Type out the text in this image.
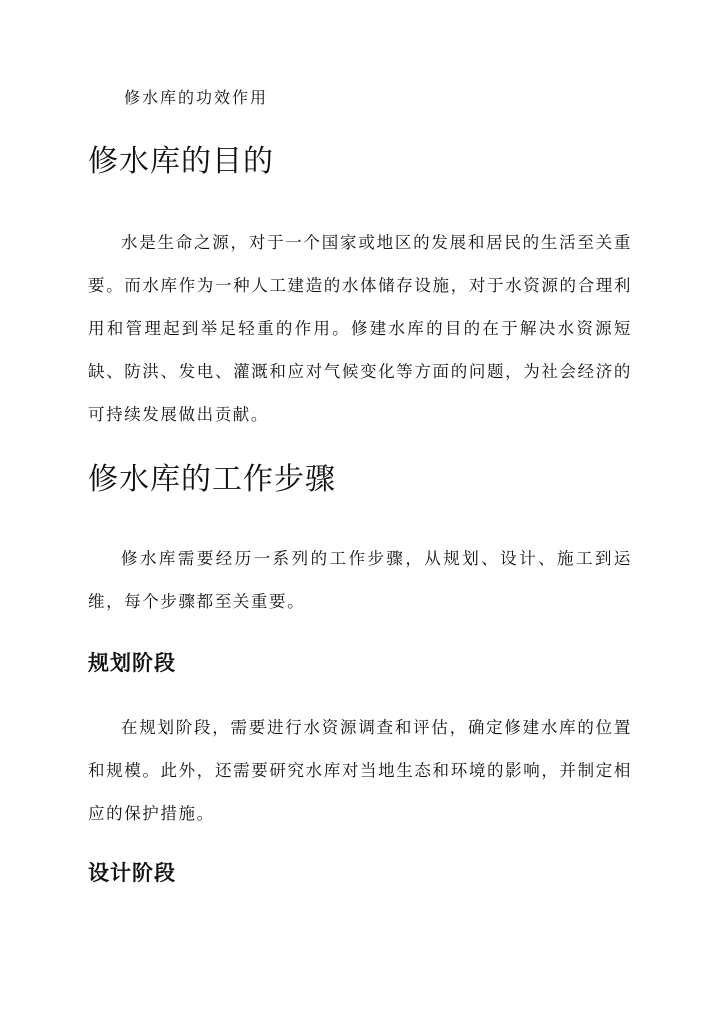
修水库的功效作用
修水库的目的

水是生命之源，对于一个国家或地区的发展和居民的生活至关重要。而水库作为一种人工建造的水体储存设施，对于水资源的合理利用和管理起到举足轻重的作用。修建水库的目的在于解决水资源短缺、防洪、发电、灌溉和应对气候变化等方面的问题，为社会经济的可持续发展做出贡献。

修水库的工作步骤

修水库需要经历一系列的工作步骤，从规划、设计、施工到运维，每个步骤都至关重要。

规划阶段

在规划阶段，需要进行水资源调查和评估，确定修建水库的位置和规模。此外，还需要研究水库对当地生态和环境的影响，并制定相应的保护措施。

设计阶段
